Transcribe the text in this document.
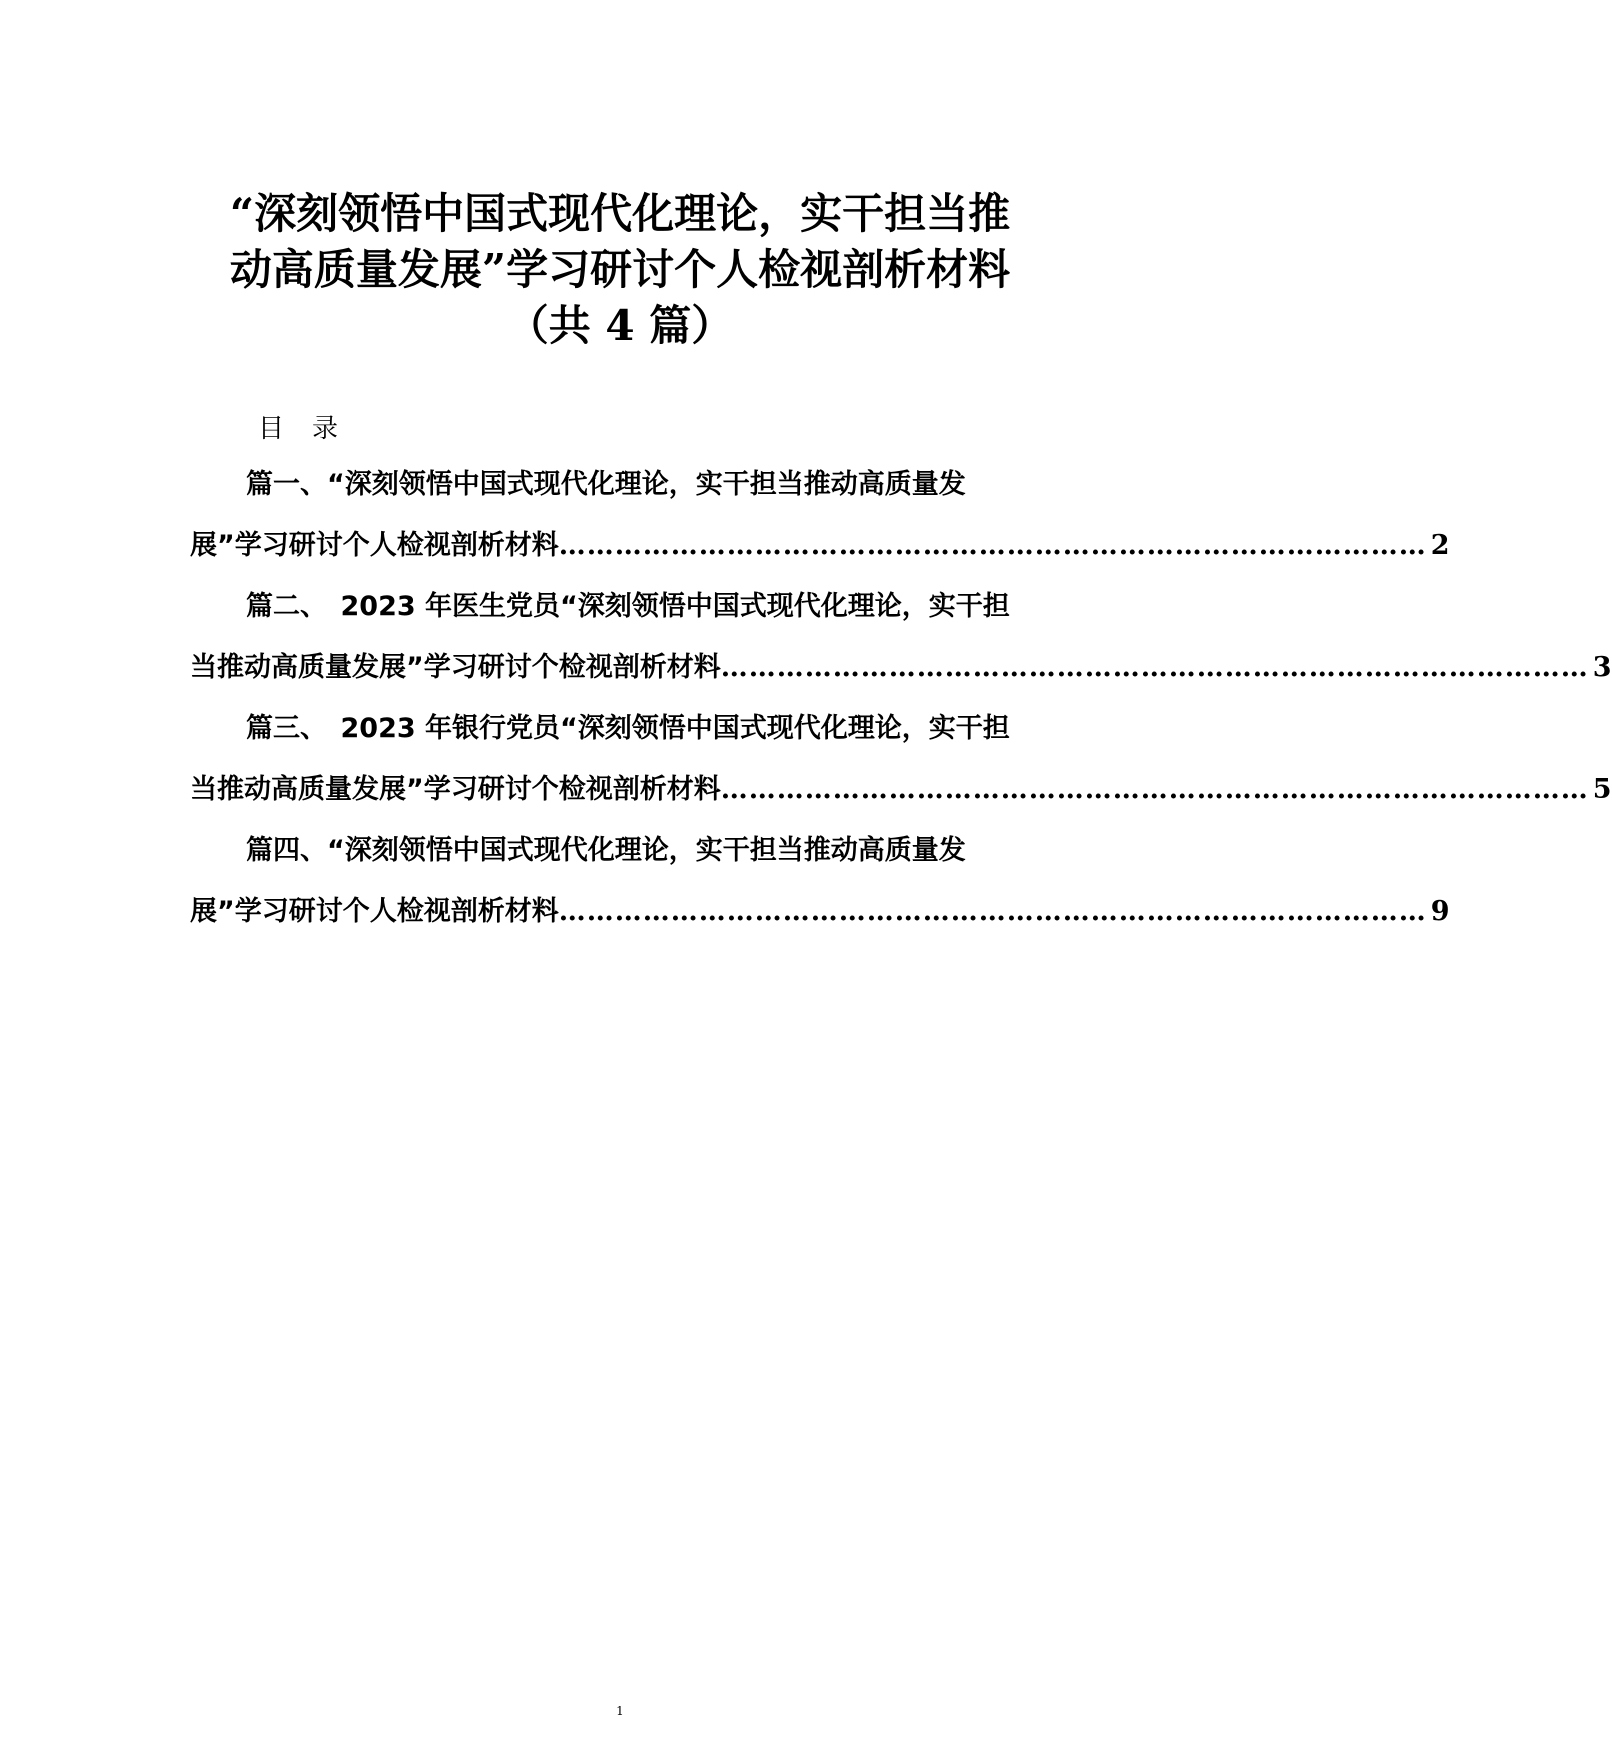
“深刻领悟中国式现代化理论，实干担当推
动高质量发展”学习研讨个人检视剖析材料
（共 4 篇）
目录
篇一、“深刻领悟中国式现代化理论，实干担当推动高质量发
展”学习研讨个人检视剖析材料 ………………………………………………………………………………… 2
篇二、　2023 年医生党员“深刻领悟中国式现代化理论，实干担
当推动高质量发展”学习研讨个检视剖析材料 ………………………………………………………………………………… 3
篇三、　2023 年银行党员“深刻领悟中国式现代化理论，实干担
当推动高质量发展”学习研讨个检视剖析材料 ………………………………………………………………………………… 5
篇四、“深刻领悟中国式现代化理论，实干担当推动高质量发
展”学习研讨个人检视剖析材料 ………………………………………………………………………………… 9
1
